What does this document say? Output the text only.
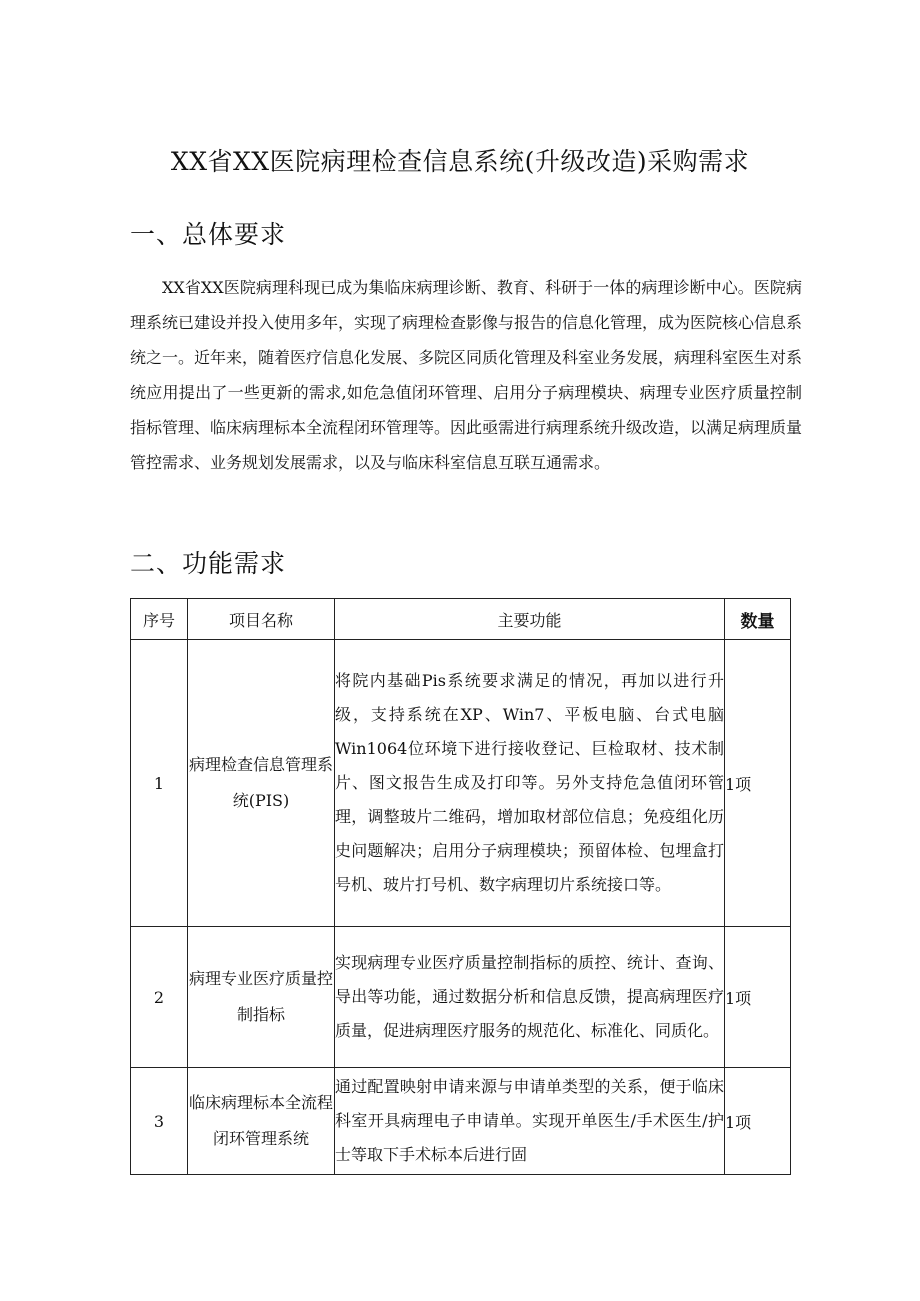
XX省XX医院病理检查信息系统(升级改造)采购需求
一、总体要求

XX省XX医院病理科现已成为集临床病理诊断、教育、科研于一体的病理诊断中心。医院病理系统已建设并投入使用多年，实现了病理检查影像与报告的信息化管理，成为医院核心信息系统之一。近年来，随着医疗信息化发展、多院区同质化管理及科室业务发展，病理科室医生对系统应用提出了一些更新的需求,如危急值闭环管理、启用分子病理模块、病理专业医疗质量控制指标管理、临床病理标本全流程闭环管理等。因此亟需进行病理系统升级改造，以满足病理质量管控需求、业务规划发展需求，以及与临床科室信息互联互通需求。

二、功能需求
序号	项目名称	主要功能	数量
1	病理检查信息管理系统(PIS)	将院内基础Pis系统要求满足的情况，再加以进行升级，支持系统在XP、Win7、平板电脑、台式电脑Win1064位环境下进行接收登记、巨检取材、技术制片、图文报告生成及打印等。另外支持危急值闭环管理，调整玻片二维码，增加取材部位信息；免疫组化历史问题解决；启用分子病理模块；预留体检、包埋盒打号机、玻片打号机、数字病理切片系统接口等。	1项
2	病理专业医疗质量控制指标	实现病理专业医疗质量控制指标的质控、统计、查询、导出等功能，通过数据分析和信息反馈，提高病理医疗质量，促进病理医疗服务的规范化、标准化、同质化。	1项
3	临床病理标本全流程闭环管理系统	通过配置映射申请来源与申请单类型的关系，便于临床科室开具病理电子申请单。实现开单医生/手术医生/护士等取下手术标本后进行固	1项
